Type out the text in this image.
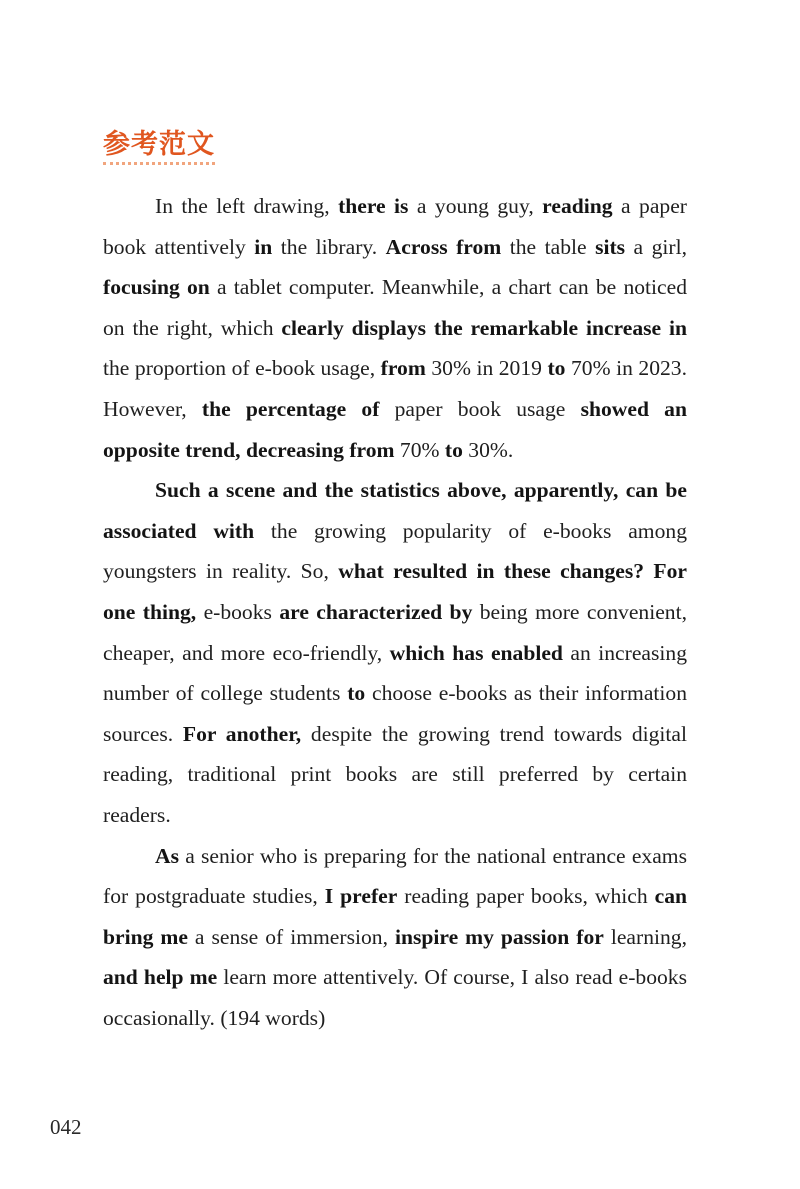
参考范文

In the left drawing, there is a young guy, reading a paper book attentively in the library. Across from the table sits a girl, focusing on a tablet computer. Meanwhile, a chart can be noticed on the right, which clearly displays the remarkable increase in the proportion of e-book usage, from 30% in 2019 to 70% in 2023. However, the percentage of paper book usage showed an opposite trend, decreasing from 70% to 30%.

Such a scene and the statistics above, apparently, can be associated with the growing popularity of e-books among youngsters in reality. So, what resulted in these changes? For one thing, e-books are characterized by being more convenient, cheaper, and more eco-friendly, which has enabled an increasing number of college students to choose e-books as their information sources. For another, despite the growing trend towards digital reading, traditional print books are still preferred by certain readers.

As a senior who is preparing for the national entrance exams for postgraduate studies, I prefer reading paper books, which can bring me a sense of immersion, inspire my passion for learning, and help me learn more attentively. Of course, I also read e-books occasionally. (194 words)

042
